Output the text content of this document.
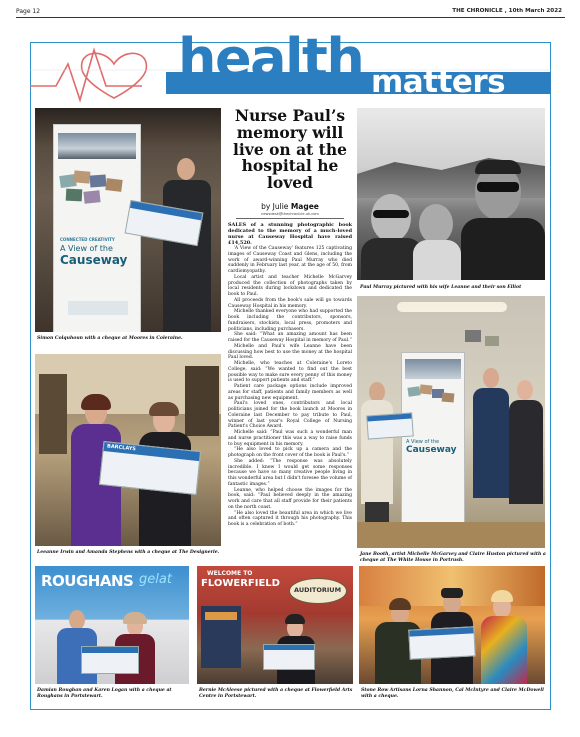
Page 12	THE CHRONICLE , 10th March 2022
health matters
CONNECTED CREATIVITY
A View of the
Causeway
Simon Colquhoun with a cheque at Moores in Coleraine.
Nurse Paul’s memory will live on at the hospital he loved
by Julie Magee
newsdesk@thechronicle.uk.com

SALES of a stunning photographic book dedicated to the memory of a much-loved nurse at Causeway Hospital have raised £14,520.

‘A View of the Causeway’ features 125 captivating images of Causeway Coast and Glens, including the work of award-winning Paul Murray who died suddenly in February last year, at the age of 50, from cardiomyopathy.

Local artist and teacher Michelle McGarvey produced the collection of photographs taken by local residents during lockdown and dedicated the book to Paul.

All proceeds from the book's sale will go towards Causeway Hospital in his memory.

Michelle thanked everyone who had supported the book including the contributors, sponsors, fundraisers, stockists, local press, promoters and politicians, including purchasers.

She said: “What an amazing amount has been raised for the Causeway Hospital in memory of Paul.”

Michelle and Paul's wife Leanne have been discussing how best to use the money at the hospital Paul loved.

Michelle, who teaches at Coleraine's Loreto College, said: “We wanted to find out the best possible way to make sure every penny of this money is used to support patients and staff.”

Patient care package options include improved areas for staff, patients and family members as well as purchasing new equipment.

Paul's loved ones, contributors and local politicians joined for the book launch at Moores in Coleraine last December to pay tribute to Paul, winner of last year's Royal College of Nursing Patient's Choice Award.

Michelle said: “Paul was such a wonderful man and nurse practitioner this was a way to raise funds to buy equipment in his memory.

“He also loved to pick up a camera and the photograph on the front cover of the book is Paul's.”

She added: “The response was absolutely incredible. I knew I would get some responses because we have so many creative people living in this wonderful area but I didn't foresee the volume of fantastic images.”

Leanne, who helped choose the images for the book, said: “Paul believed deeply in the amazing work and care that all staff provide for their patients on the north coast.

“He also loved the beautiful area in which we live and often captured it through his photography. This book is a celebration of both.”

Paul Murray pictured with his wife Leanne and their son Elliot
BARCLAYS
Leeanne Irwin and Amanda Stephens with a cheque at The Designerie.
A View of the
Causeway
Jane Booth, artist Michelle McGarvey and Claire Huston pictured with a cheque at The White House in Portrush.
ROUGHANS gelat
Damian Roughan and Karen Logan with a cheque at Roughans in Portstewart.
WELCOME TO
FLOWERFIELD
AUDITORIUM
Bernie McAleese pictured with a cheque at Flowerfield Arts Centre in Portstewart.
Stone Row Artisans Lorna Shannon, Cal McIntyre and Claire McDowell with a cheque.
